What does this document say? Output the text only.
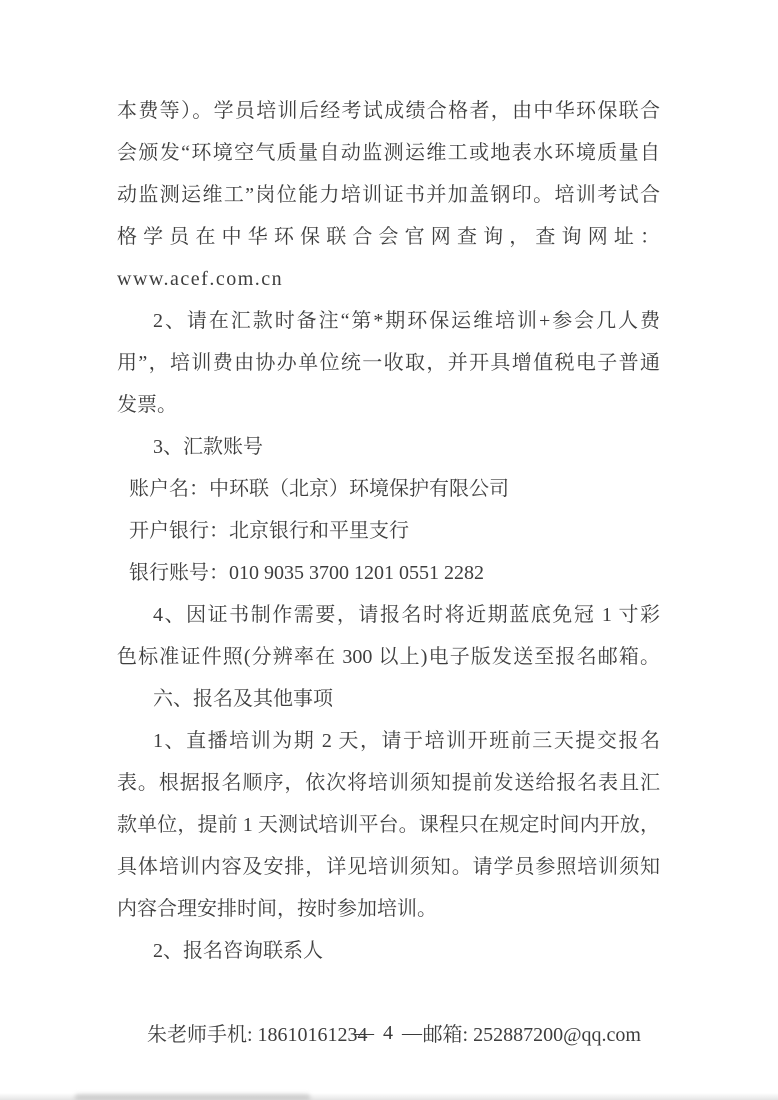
本费等）。学员培训后经考试成绩合格者，由中华环保联合
会颁发“环境空气质量自动监测运维工或地表水环境质量自
动监测运维工”岗位能力培训证书并加盖钢印。培训考试合
格学员在中华环保联合会官网查询，查询网址：
www.acef.com.cn
2、请在汇款时备注“第*期环保运维培训+参会几人费
用”，培训费由协办单位统一收取，并开具增值税电子普通
发票。
3、汇款账号
账户名：中环联（北京）环境保护有限公司
开户银行：北京银行和平里支行
银行账号：010 9035 3700 1201 0551 2282
4、因证书制作需要，请报名时将近期蓝底免冠 1 寸彩
色标准证件照(分辨率在 300 以上)电子版发送至报名邮箱。
六、报名及其他事项
1、直播培训为期 2 天，请于培训开班前三天提交报名
表。根据报名顺序，依次将培训须知提前发送给报名表且汇
款单位，提前 1 天测试培训平台。课程只在规定时间内开放，
具体培训内容及安排，详见培训须知。请学员参照培训须知
内容合理安排时间，按时参加培训。
2、报名咨询联系人

朱老师手机: 18610161234	邮箱: 252887200@qq.com

— 4 —
